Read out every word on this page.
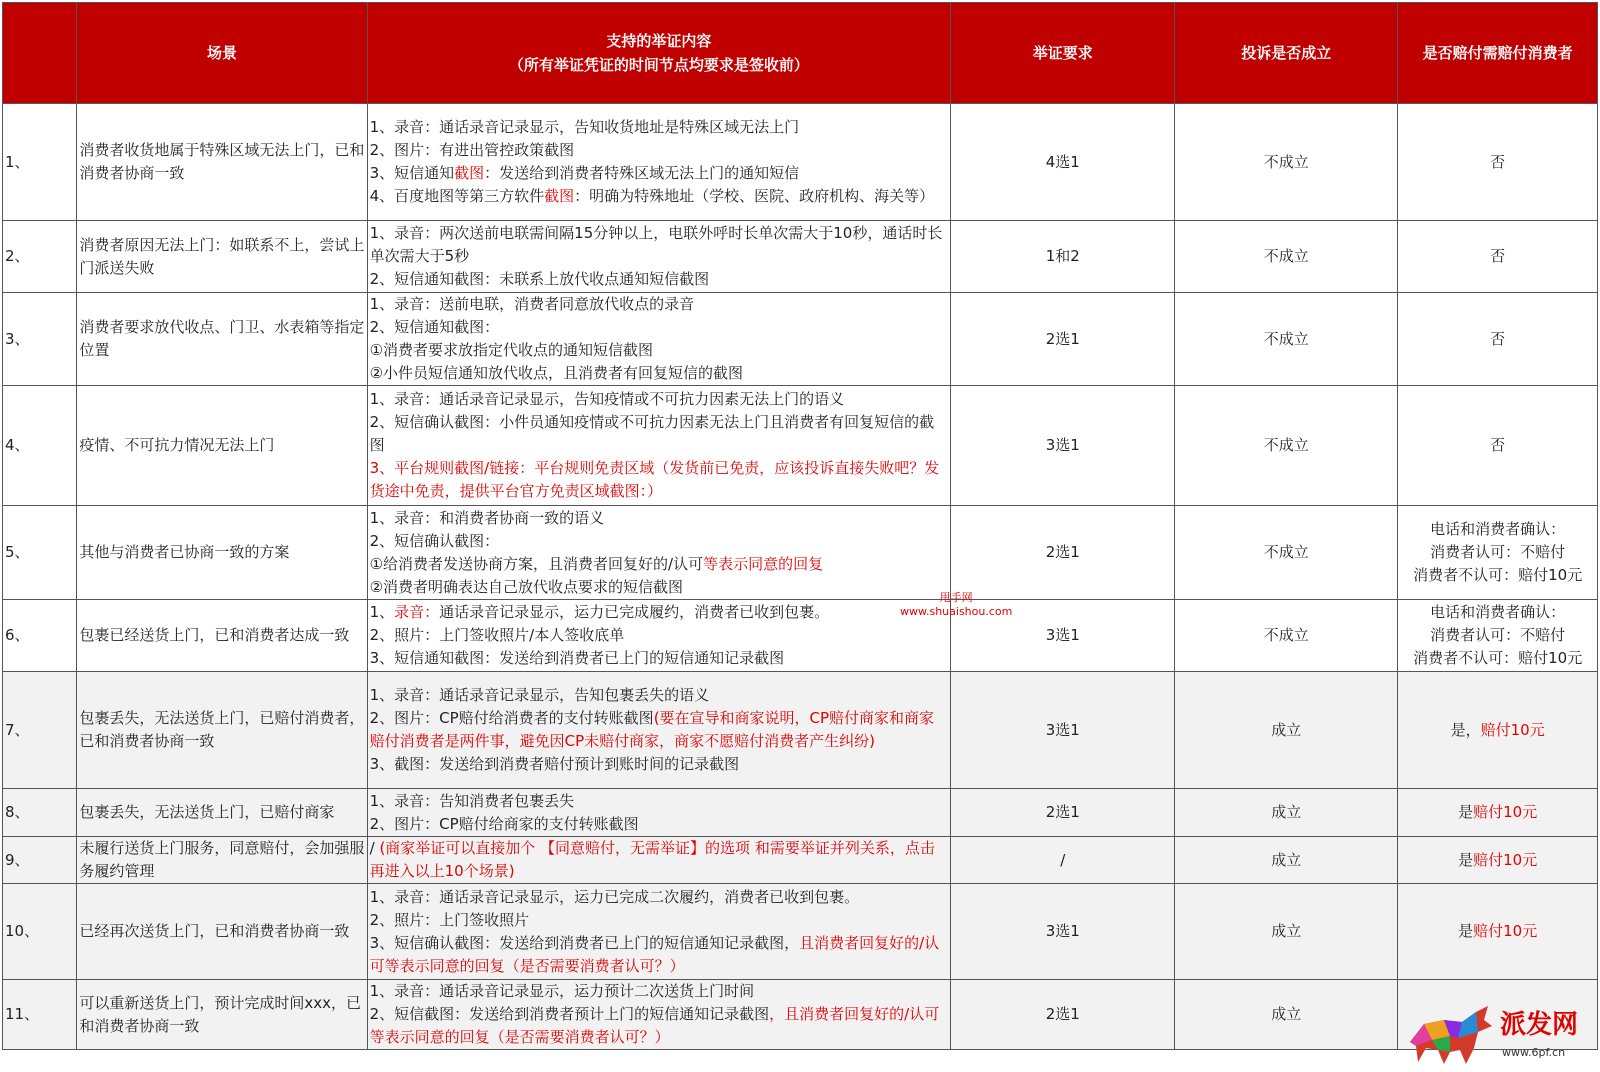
	场景	支持的举证内容
（所有举证凭证的时间节点均要求是签收前）	举证要求	投诉是否成立	是否赔付需赔付消费者
1、	消费者收货地属于特殊区域无法上门，已和消费者协商一致	1、录音：通话录音记录显示，告知收货地址是特殊区域无法上门
2、图片：有进出管控政策截图
3、短信通知截图：发送给到消费者特殊区域无法上门的通知短信
4、百度地图等第三方软件截图：明确为特殊地址（学校、医院、政府机构、海关等）	4选1	不成立	否
2、	消费者原因无法上门：如联系不上，尝试上门派送失败	1、录音：两次送前电联需间隔15分钟以上，电联外呼时长单次需大于10秒，通话时长单次需大于5秒
2、短信通知截图：未联系上放代收点通知短信截图	1和2	不成立	否
3、	消费者要求放代收点、门卫、水表箱等指定位置	1、录音：送前电联，消费者同意放代收点的录音
2、短信通知截图：
①消费者要求放指定代收点的通知短信截图
②小件员短信通知放代收点，且消费者有回复短信的截图	2选1	不成立	否
4、	疫情、不可抗力情况无法上门	1、录音：通话录音记录显示，告知疫情或不可抗力因素无法上门的语义
2、短信确认截图：小件员通知疫情或不可抗力因素无法上门且消费者有回复短信的截图
3、平台规则截图/链接：平台规则免责区域（发货前已免责，应该投诉直接失败吧？发货途中免责，提供平台官方免责区域截图：）	3选1	不成立	否
5、	其他与消费者已协商一致的方案	1、录音：和消费者协商一致的语义
2、短信确认截图：
①给消费者发送协商方案，且消费者回复好的/认可等表示同意的回复
②消费者明确表达自己放代收点要求的短信截图	2选1	不成立	电话和消费者确认：
消费者认可：不赔付
消费者不认可：赔付10元

6、	包裹已经送货上门，已和消费者达成一致	1、录音：通话录音记录显示，运力已完成履约，消费者已收到包裹。
2、照片：上门签收照片/本人签收底单
3、短信通知截图：发送给到消费者已上门的短信通知记录截图	3选1	不成立	电话和消费者确认：
消费者认可：不赔付
消费者不认可：赔付10元

7、	包裹丢失，无法送货上门，已赔付消费者，已和消费者协商一致	1、录音：通话录音记录显示，告知包裹丢失的语义
2、图片：CP赔付给消费者的支付转账截图(要在宣导和商家说明，CP赔付商家和商家赔付消费者是两件事，避免因CP未赔付商家，商家不愿赔付消费者产生纠纷)
3、截图：发送给到消费者赔付预计到账时间的记录截图	3选1	成立	是，赔付10元
8、	包裹丢失，无法送货上门，已赔付商家	1、录音：告知消费者包裹丢失
2、图片：CP赔付给商家的支付转账截图	2选1	成立	是赔付10元
9、	未履行送货上门服务，同意赔付，会加强服务履约管理	/ (商家举证可以直接加个 【同意赔付，无需举证】的选项 和需要举证并列关系，点击再进入以上10个场景)	/	成立	是赔付10元
10、	已经再次送货上门，已和消费者协商一致	1、录音：通话录音记录显示，运力已完成二次履约，消费者已收到包裹。
2、照片：上门签收照片
3、短信确认截图：发送给到消费者已上门的短信通知记录截图，且消费者回复好的/认可等表示同意的回复（是否需要消费者认可？）	3选1	成立	是赔付10元
11、	可以重新送货上门，预计完成时间xxx，已和消费者协商一致	1、录音：通话录音记录显示，运力预计二次送货上门时间
2、短信截图：发送给到消费者预计上门的短信通知记录截图，且消费者回复好的/认可等表示同意的回复（是否需要消费者认可？）	2选1	成立	
甩手网
www.shuaishou.com
派发网
www.6pf.cn
